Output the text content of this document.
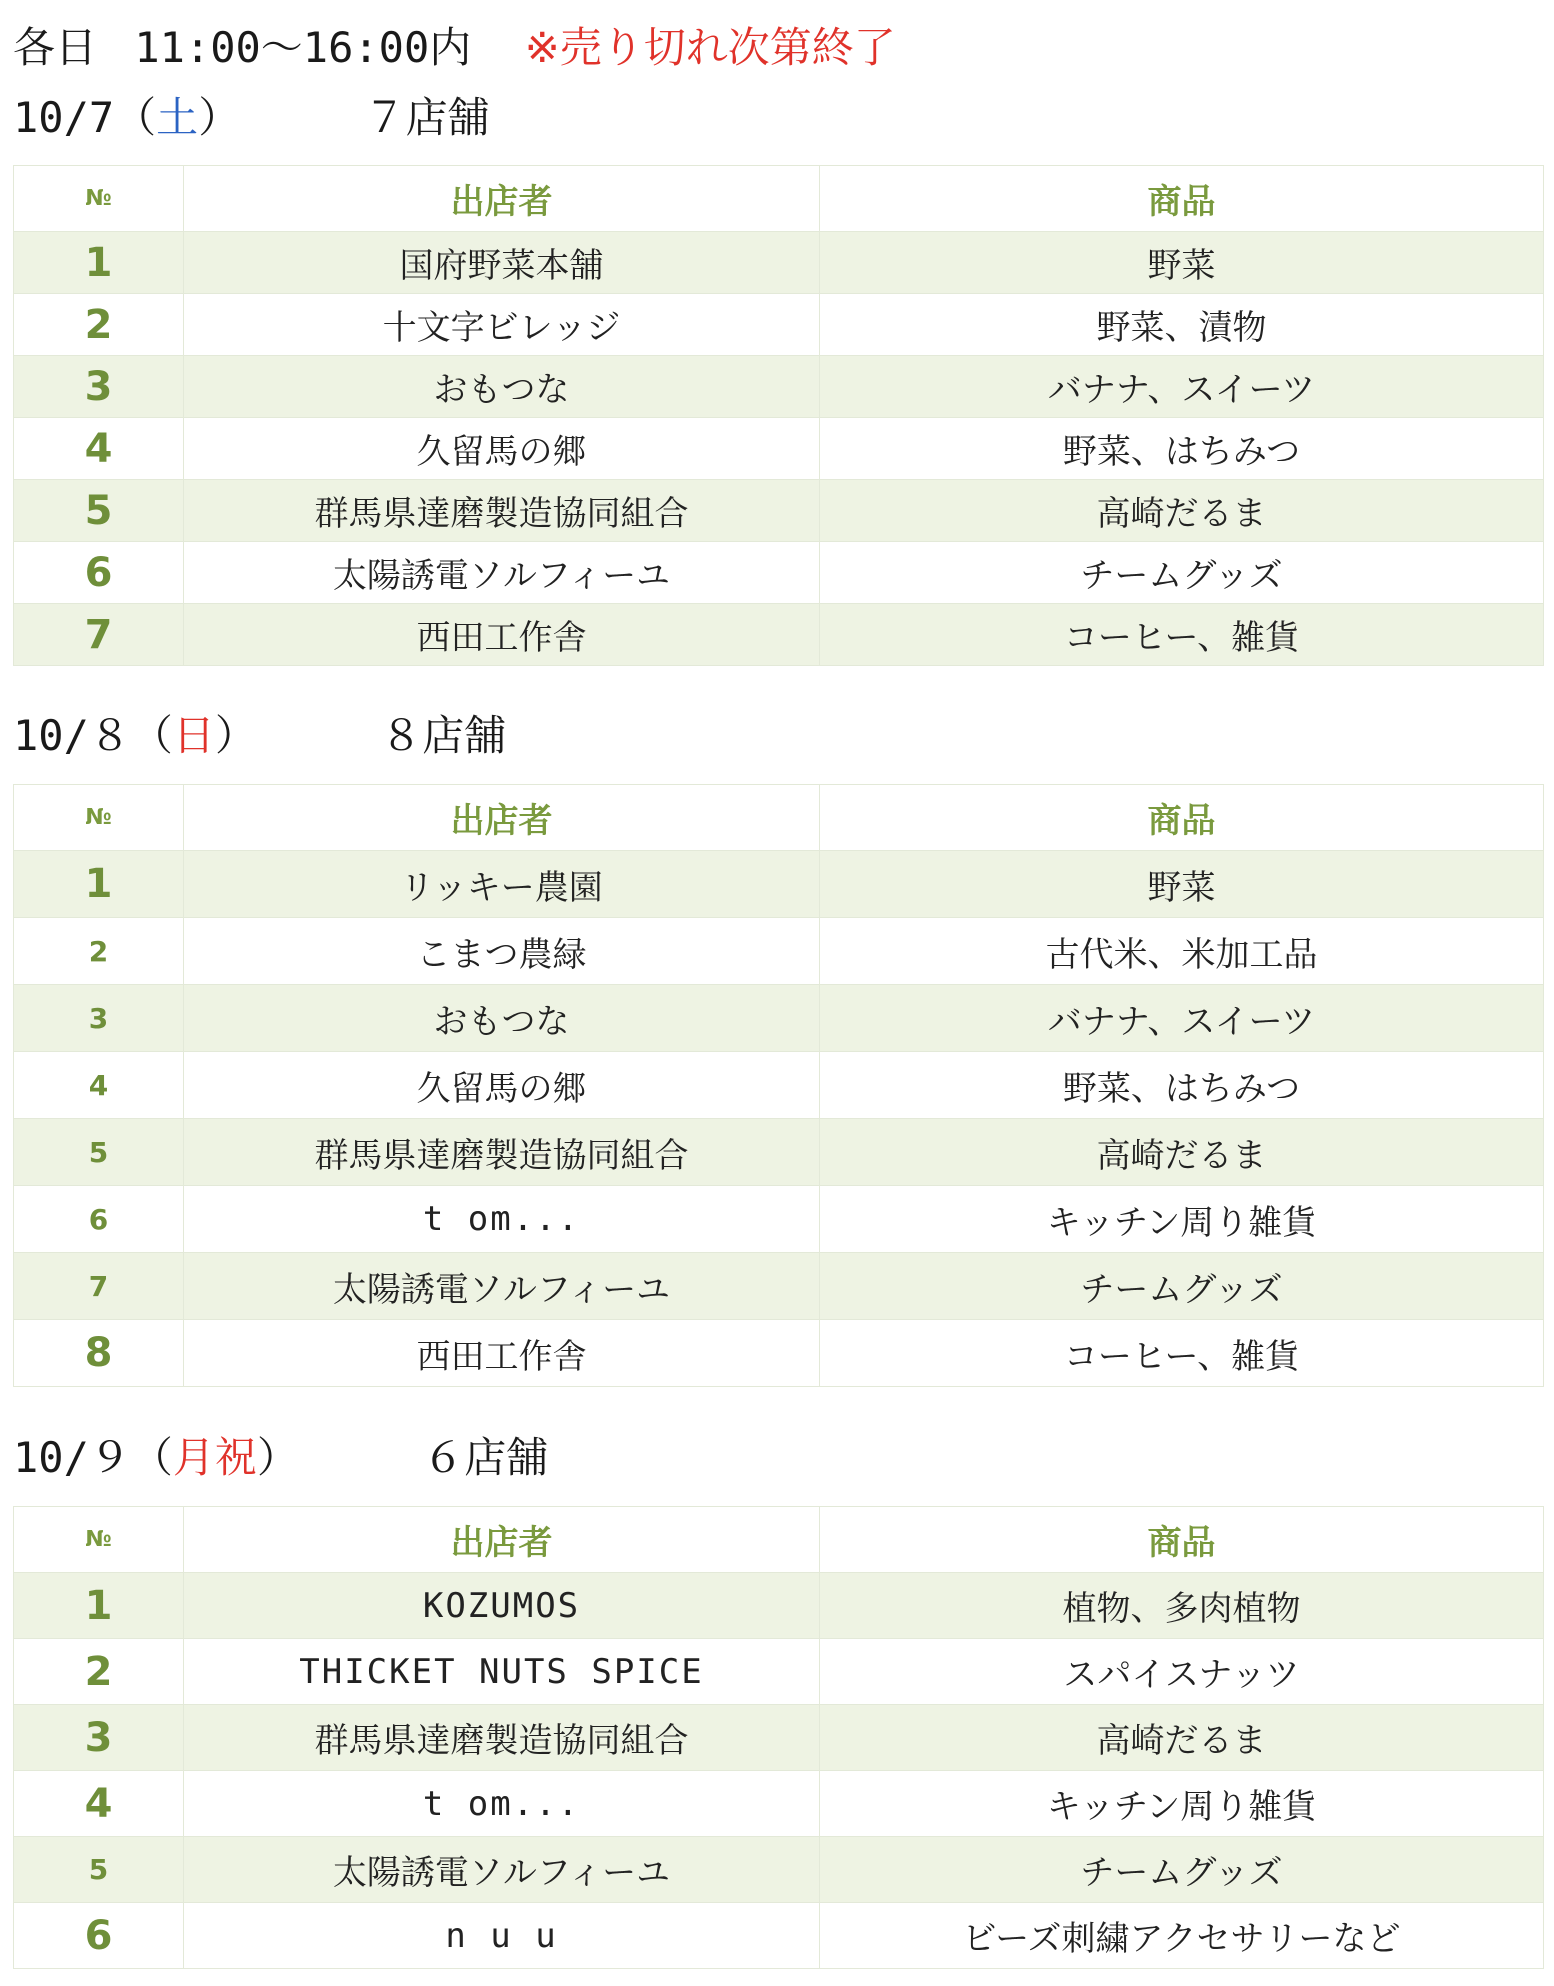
各日 11:00〜16:00内 ※売り切れ次第終了
10/7（土）	７店舗
№	出店者	商品
1	国府野菜本舗	野菜
2	十文字ビレッジ	野菜、漬物
3	おもつな	バナナ、スイーツ
4	久留馬の郷	野菜、はちみつ
5	群馬県達磨製造協同組合	高崎だるま
6	太陽誘電ソルフィーユ	チームグッズ
7	西田工作舎	コーヒー、雑貨
10/８（日）	８店舗
№	出店者	商品
1	リッキー農園	野菜
2	こまつ農緑	古代米、米加工品
3	おもつな	バナナ、スイーツ
4	久留馬の郷	野菜、はちみつ
5	群馬県達磨製造協同組合	高崎だるま
6	t om...	キッチン周り雑貨
7	太陽誘電ソルフィーユ	チームグッズ
8	西田工作舎	コーヒー、雑貨
10/９（月祝）	６店舗
№	出店者	商品
1	KOZUMOS	植物、多肉植物
2	THICKET NUTS SPICE	スパイスナッツ
3	群馬県達磨製造協同組合	高崎だるま
4	t om...	キッチン周り雑貨
5	太陽誘電ソルフィーユ	チームグッズ
6	n u u	ビーズ刺繍アクセサリーなど
